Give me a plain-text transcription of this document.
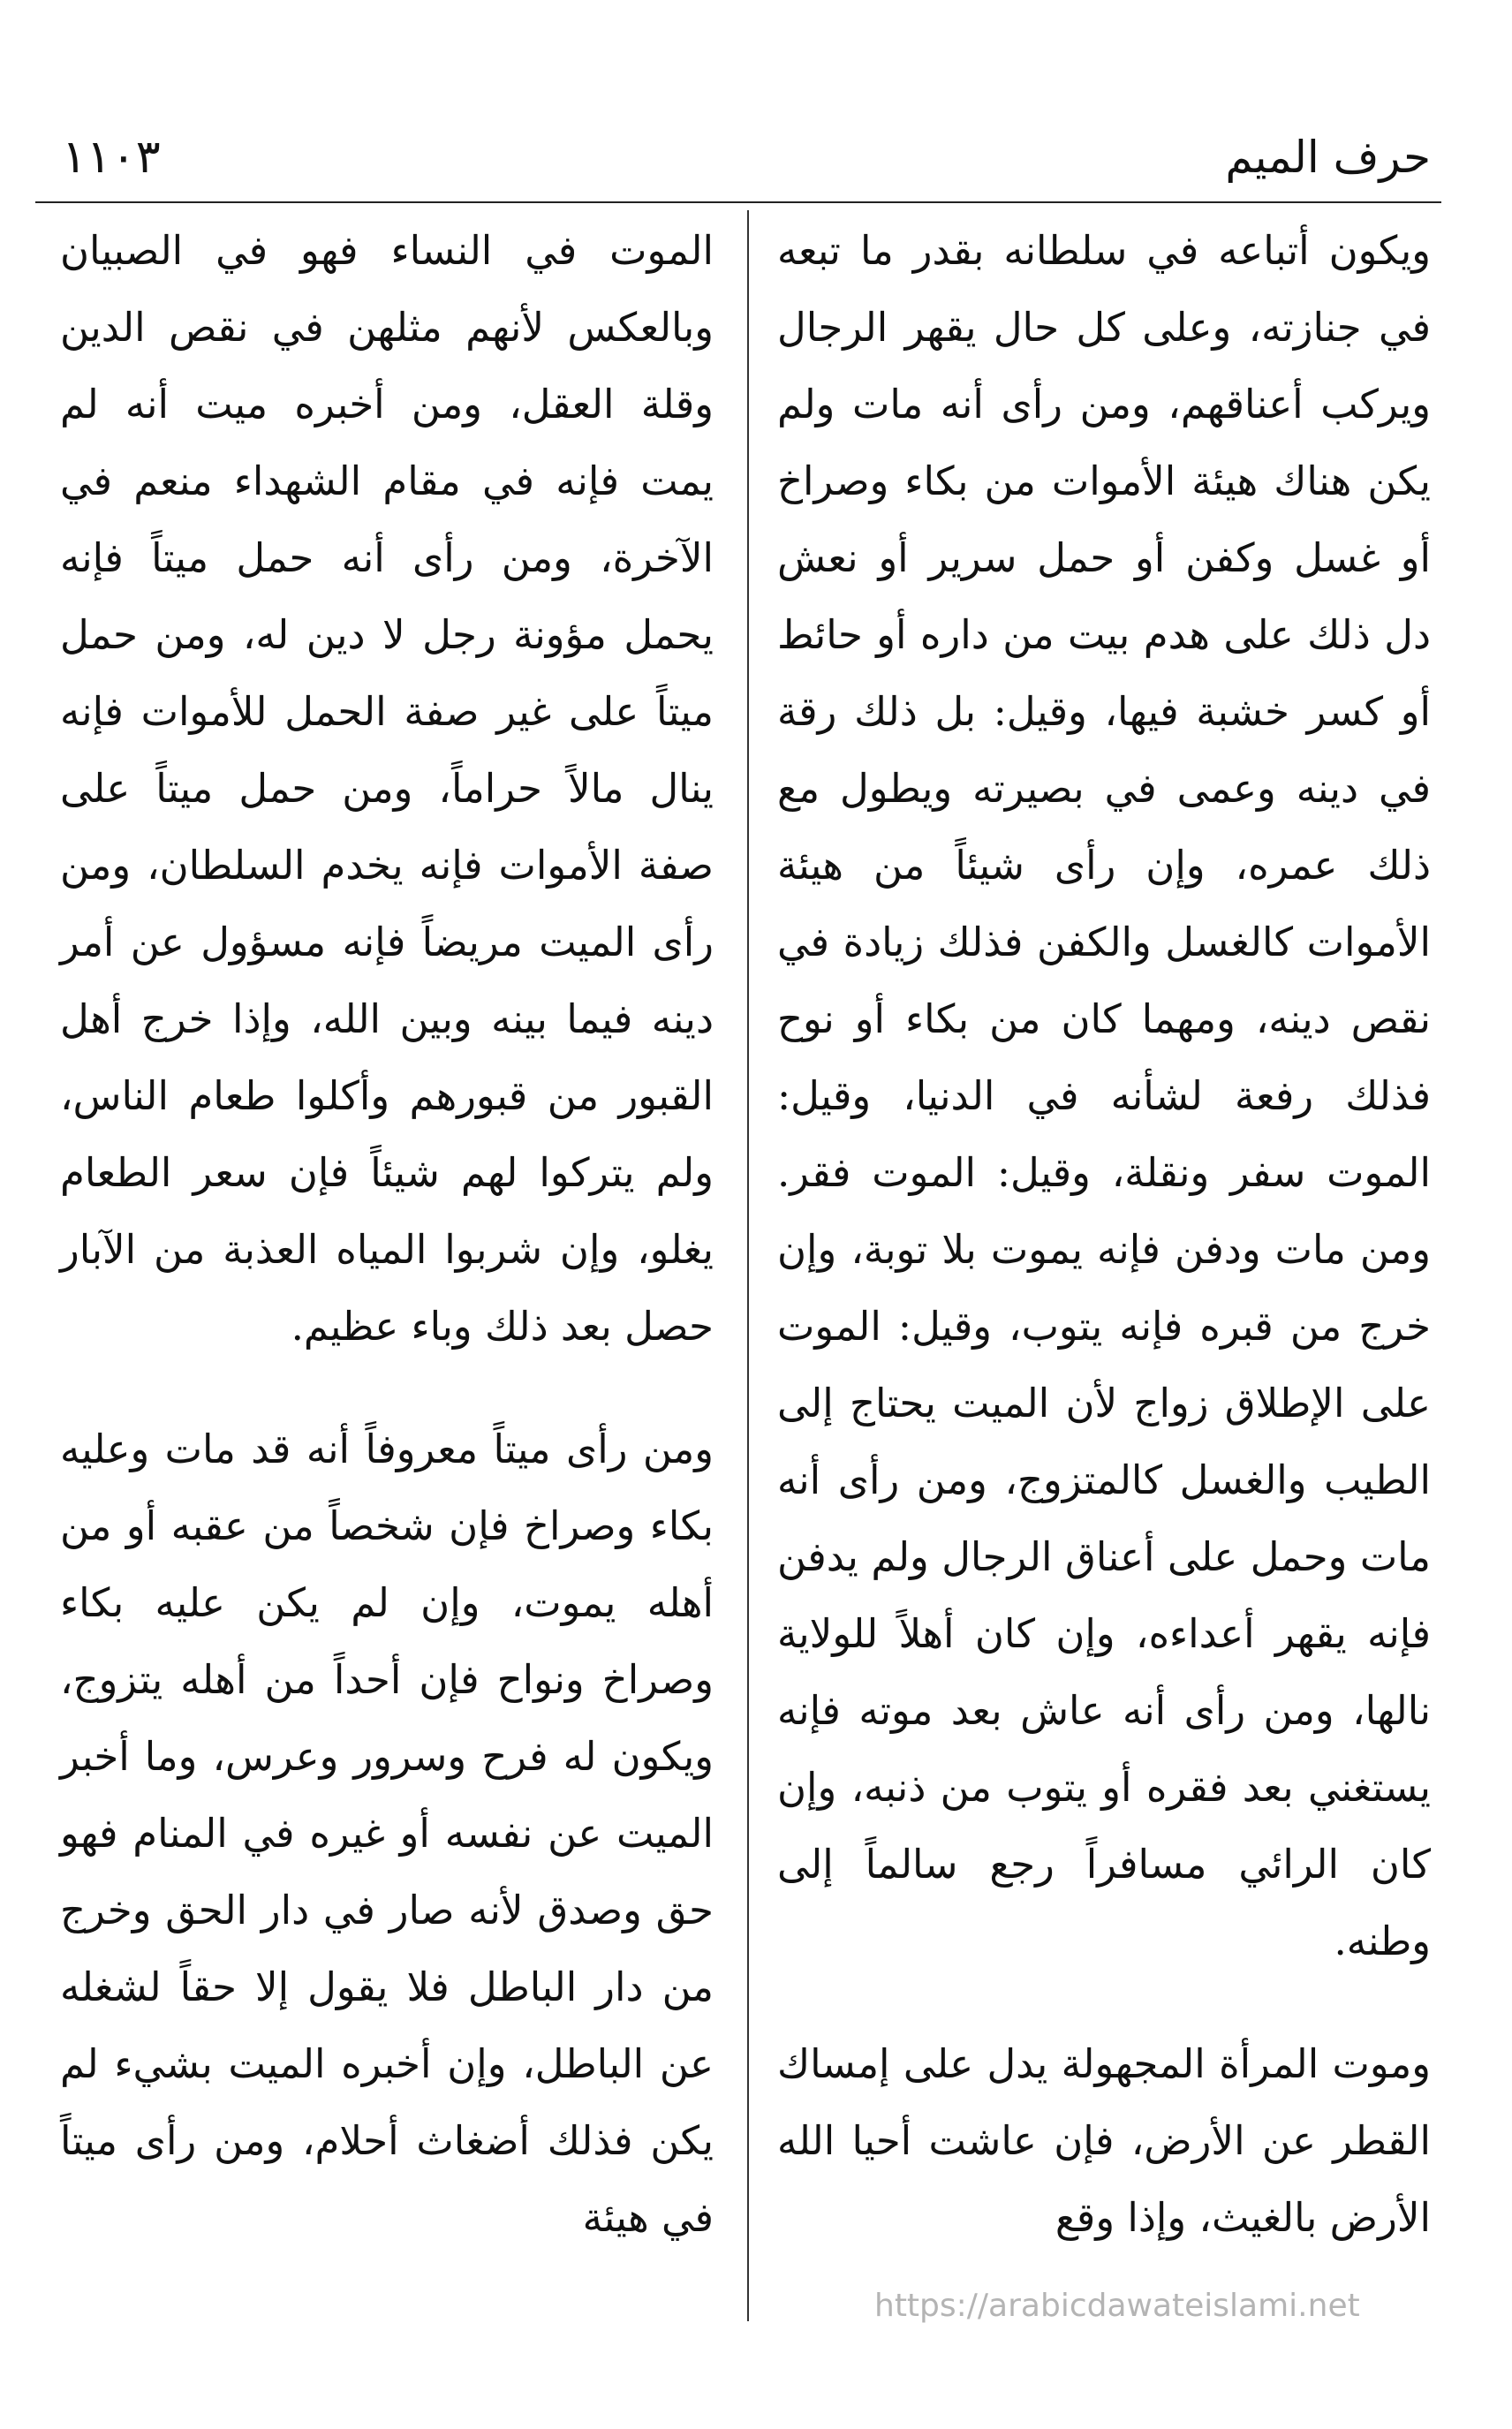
حرف الميم
١١٠٣

ويكون أتباعه في سلطانه بقدر ما تبعه في جنازته، وعلى كل حال يقهر الرجال ويركب أعناقهم، ومن رأى أنه مات ولم يكن هناك هيئة الأموات من بكاء وصراخ أو غسل وكفن أو حمل سرير أو نعش دل ذلك على هدم بيت من داره أو حائط أو كسر خشبة فيها، وقيل: بل ذلك رقة في دينه وعمى في بصيرته ويطول مع ذلك عمره، وإن رأى شيئاً من هيئة الأموات كالغسل والكفن فذلك زيادة في نقص دينه، ومهما كان من بكاء أو نوح فذلك رفعة لشأنه في الدنيا، وقيل: الموت سفر ونقلة، وقيل: الموت فقر. ومن مات ودفن فإنه يموت بلا توبة، وإن خرج من قبره فإنه يتوب، وقيل: الموت على الإطلاق زواج لأن الميت يحتاج إلى الطيب والغسل كالمتزوج، ومن رأى أنه مات وحمل على أعناق الرجال ولم يدفن فإنه يقهر أعداءه، وإن كان أهلاً للولاية نالها، ومن رأى أنه عاش بعد موته فإنه يستغني بعد فقره أو يتوب من ذنبه، وإن كان الرائي مسافراً رجع سالماً إلى وطنه.

وموت المرأة المجهولة يدل على إمساك القطر عن الأرض، فإن عاشت أحيا الله الأرض بالغيث، وإذا وقع

الموت في النساء فهو في الصبيان وبالعكس لأنهم مثلهن في نقص الدين وقلة العقل، ومن أخبره ميت أنه لم يمت فإنه في مقام الشهداء منعم في الآخرة، ومن رأى أنه حمل ميتاً فإنه يحمل مؤونة رجل لا دين له، ومن حمل ميتاً على غير صفة الحمل للأموات فإنه ينال مالاً حراماً، ومن حمل ميتاً على صفة الأموات فإنه يخدم السلطان، ومن رأى الميت مريضاً فإنه مسؤول عن أمر دينه فيما بينه وبين الله، وإذا خرج أهل القبور من قبورهم وأكلوا طعام الناس، ولم يتركوا لهم شيئاً فإن سعر الطعام يغلو، وإن شربوا المياه العذبة من الآبار حصل بعد ذلك وباء عظيم.

ومن رأى ميتاً معروفاً أنه قد مات وعليه بكاء وصراخ فإن شخصاً من عقبه أو من أهله يموت، وإن لم يكن عليه بكاء وصراخ ونواح فإن أحداً من أهله يتزوج، ويكون له فرح وسرور وعرس، وما أخبر الميت عن نفسه أو غيره في المنام فهو حق وصدق لأنه صار في دار الحق وخرج من دار الباطل فلا يقول إلا حقاً لشغله عن الباطل، وإن أخبره الميت بشيء لم يكن فذلك أضغاث أحلام، ومن رأى ميتاً في هيئة

https://arabicdawateislami.net
